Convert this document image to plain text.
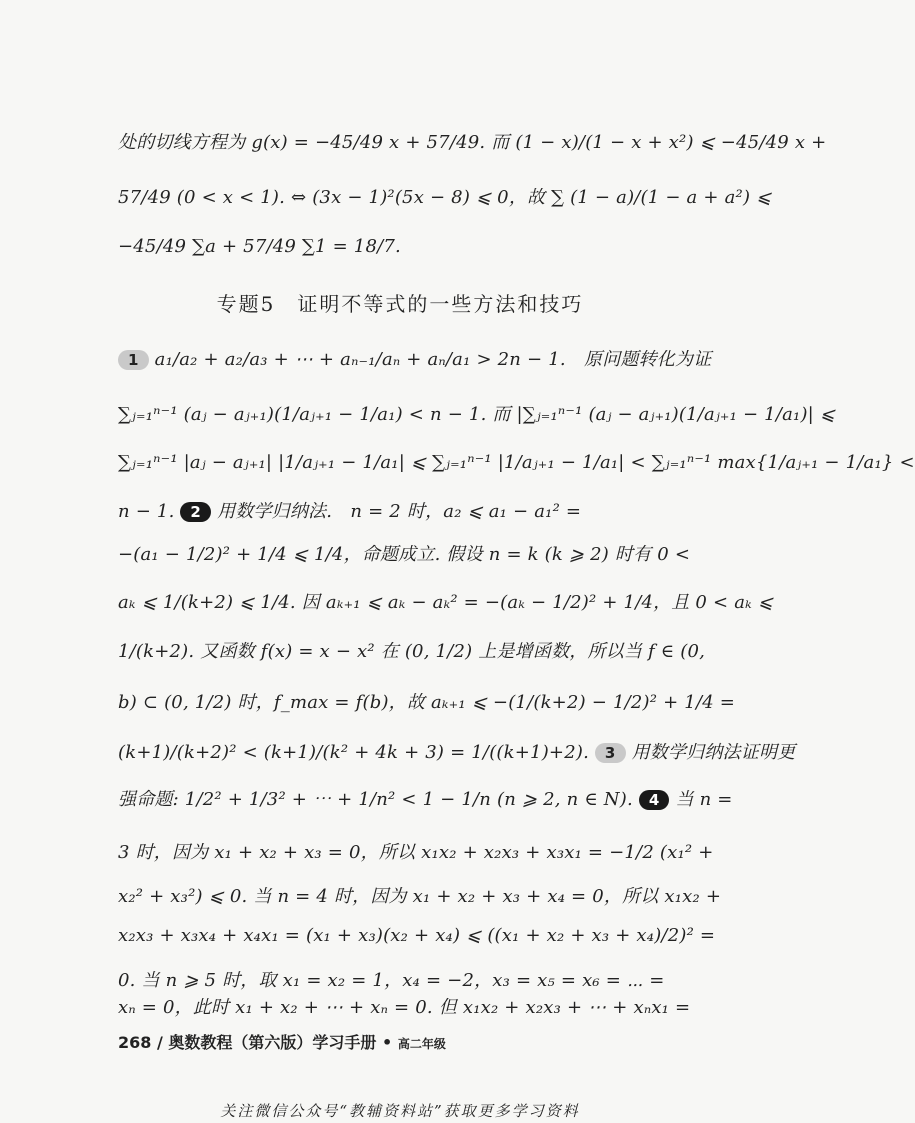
处的切线方程为 g(x) = −45/49 x + 57/49. 而 (1 − x)/(1 − x + x²) ⩽ −45/49 x +
57/49 (0 < x < 1). ⇔ (3x − 1)²(5x − 8) ⩽ 0，故 ∑ (1 − a)/(1 − a + a²) ⩽
−45/49 ∑a + 57/49 ∑1 = 18/7.
专题5　证明不等式的一些方法和技巧
1 a₁/a₂ + a₂/a₃ + ⋯ + aₙ₋₁/aₙ + aₙ/a₁ > 2n − 1.　原问题转化为证
∑ⱼ₌₁ⁿ⁻¹ (aⱼ − aⱼ₊₁)(1/aⱼ₊₁ − 1/a₁) < n − 1. 而 |∑ⱼ₌₁ⁿ⁻¹ (aⱼ − aⱼ₊₁)(1/aⱼ₊₁ − 1/a₁)| ⩽
∑ⱼ₌₁ⁿ⁻¹ |aⱼ − aⱼ₊₁| |1/aⱼ₊₁ − 1/a₁| ⩽ ∑ⱼ₌₁ⁿ⁻¹ |1/aⱼ₊₁ − 1/a₁| < ∑ⱼ₌₁ⁿ⁻¹ max{1/aⱼ₊₁ − 1/a₁} <
n − 1. 2 用数学归纳法.　n = 2 时，a₂ ⩽ a₁ − a₁² =
−(a₁ − 1/2)² + 1/4 ⩽ 1/4，命题成立. 假设 n = k (k ⩾ 2) 时有 0 <
aₖ ⩽ 1/(k+2) ⩽ 1/4. 因 aₖ₊₁ ⩽ aₖ − aₖ² = −(aₖ − 1/2)² + 1/4，且 0 < aₖ ⩽
1/(k+2). 又函数 f(x) = x − x² 在 (0, 1/2) 上是增函数，所以当 f ∈ (0,
b) ⊂ (0, 1/2) 时，f_max = f(b)，故 aₖ₊₁ ⩽ −(1/(k+2) − 1/2)² + 1/4 =
(k+1)/(k+2)² < (k+1)/(k² + 4k + 3) = 1/((k+1)+2). 3 用数学归纳法证明更
强命题: 1/2² + 1/3² + ⋯ + 1/n² < 1 − 1/n (n ⩾ 2, n ∈ N). 4 当 n =
3 时，因为 x₁ + x₂ + x₃ = 0，所以 x₁x₂ + x₂x₃ + x₃x₁ = −1/2 (x₁² +
x₂² + x₃²) ⩽ 0. 当 n = 4 时，因为 x₁ + x₂ + x₃ + x₄ = 0，所以 x₁x₂ +
x₂x₃ + x₃x₄ + x₄x₁ = (x₁ + x₃)(x₂ + x₄) ⩽ ((x₁ + x₂ + x₃ + x₄)/2)² =
0. 当 n ⩾ 5 时，取 x₁ = x₂ = 1，x₄ = −2，x₃ = x₅ = x₆ = ⋯ =
xₙ = 0，此时 x₁ + x₂ + ⋯ + xₙ = 0. 但 x₁x₂ + x₂x₃ + ⋯ + xₙx₁ =
268 / 奥数教程（第六版）学习手册 • 高二年级
关注微信公众号“教辅资料站”获取更多学习资料
